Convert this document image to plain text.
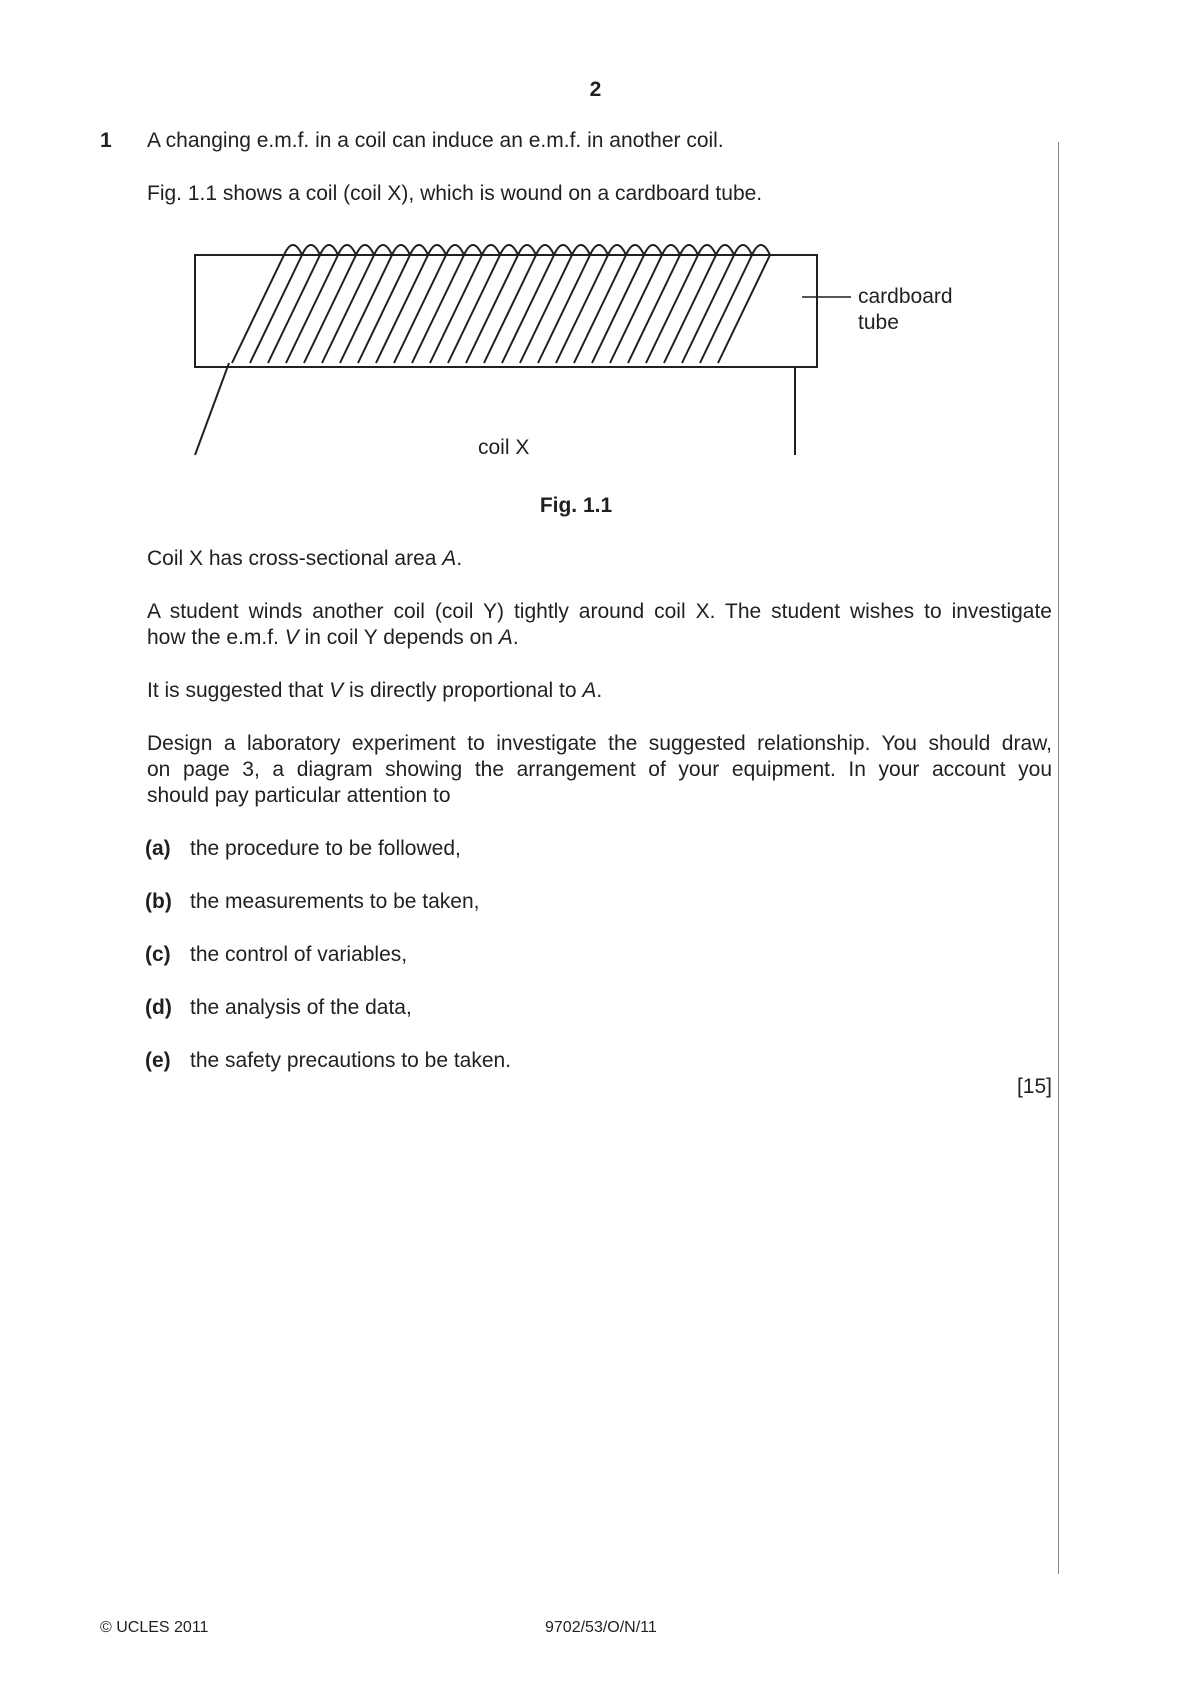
2
1 A changing e.m.f. in a coil can induce an e.m.f. in another coil.
Fig. 1.1 shows a coil (coil X), which is wound on a cardboard tube.
cardboard
tube
coil X
Fig. 1.1
Coil X has cross-sectional area A.
A student winds another coil (coil Y) tightly around coil X. The student wishes to investigate
how the e.m.f. V in coil Y depends on A.
It is suggested that V is directly proportional to A.
Design a laboratory experiment to investigate the suggested relationship. You should draw,
on page 3, a diagram showing the arrangement of your equipment. In your account you
should pay particular attention to
(a) the procedure to be followed,
(b) the measurements to be taken,
(c) the control of variables,
(d) the analysis of the data,
(e) the safety precautions to be taken.
[15]
© UCLES 2011	9702/53/O/N/11
